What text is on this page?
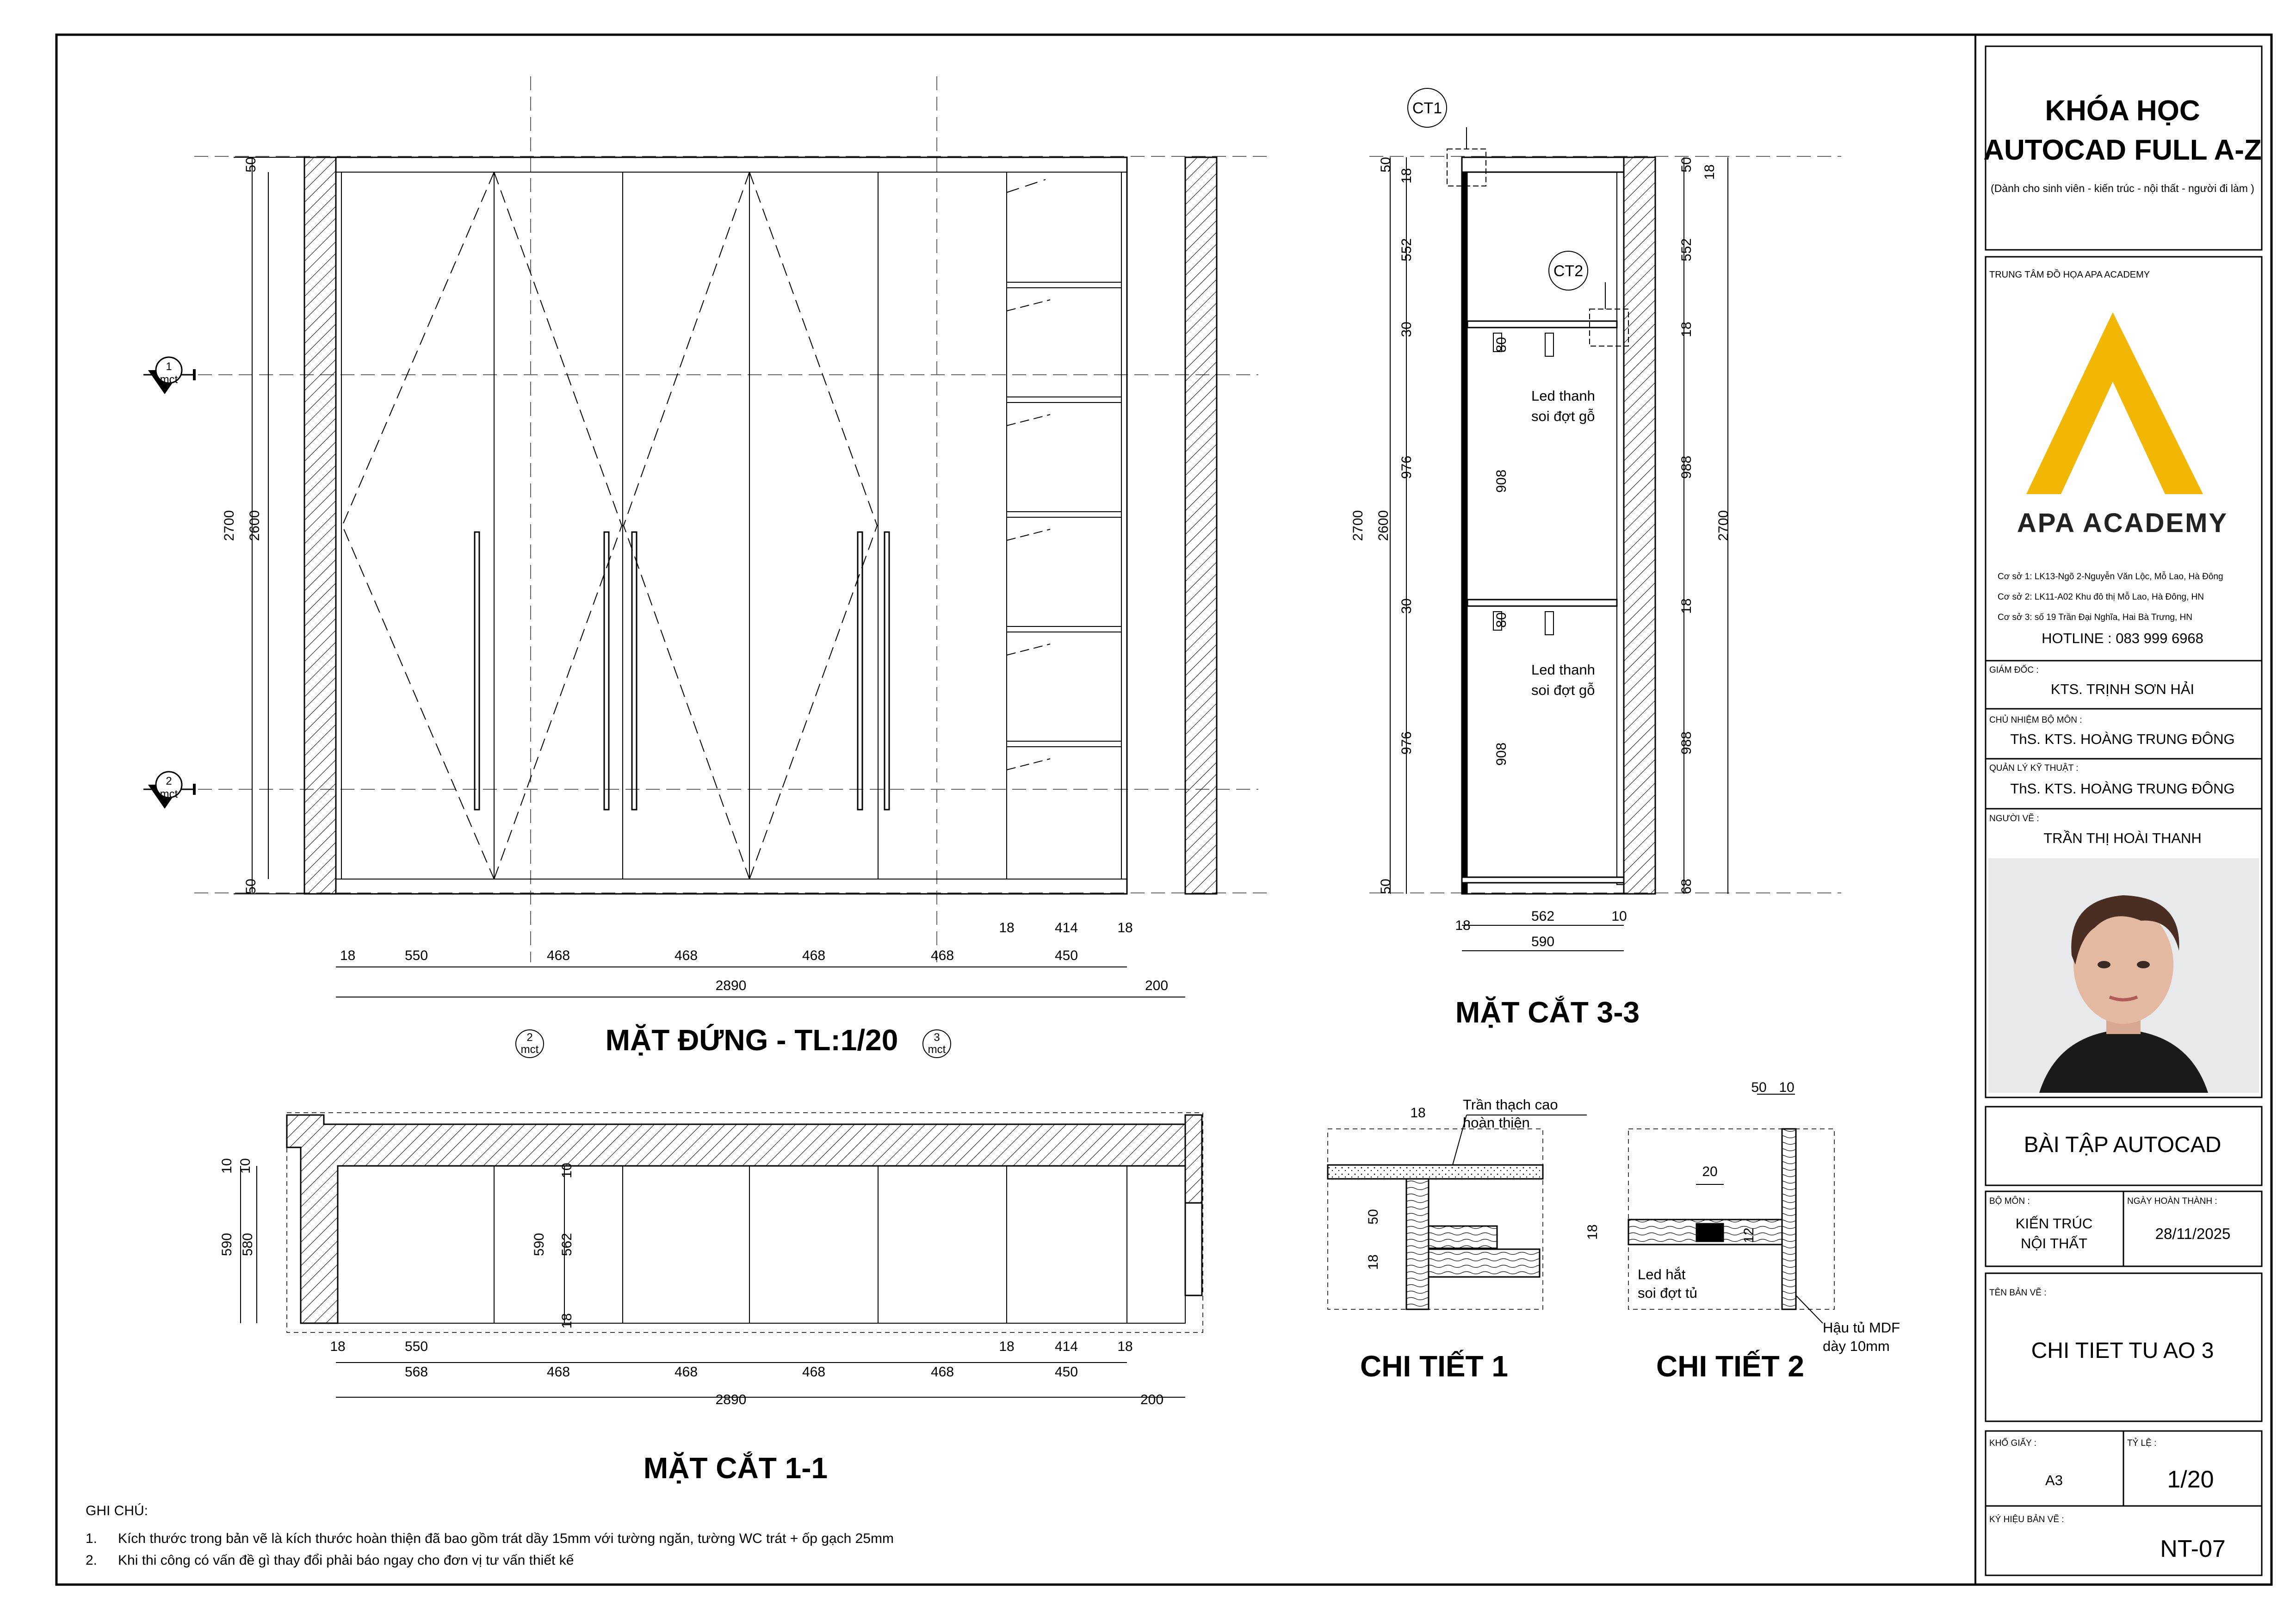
KHÓA HỌC
AUTOCAD FULL A-Z
(Dành cho sinh viên - kiến trúc - nội thất - người đi làm )
TRUNG TÂM ĐỒ HỌA APA ACADEMY
APA ACADEMY
Cơ sở 1: LK13-Ngõ 2-Nguyễn Văn Lộc, Mỗ Lao, Hà Đông
Cơ sở 2: LK11-A02 Khu đô thị Mỗ Lao, Hà Đông, HN
Cơ sở 3: số 19 Trần Đại Nghĩa, Hai Bà Trưng, HN
HOTLINE : 083 999 6968
GIÁM ĐỐC :
KTS. TRỊNH SƠN HẢI
CHỦ NHIỆM BỘ MÔN :
ThS. KTS. HOÀNG TRUNG ĐÔNG
QUẢN LÝ KỸ THUẬT :
ThS. KTS. HOÀNG TRUNG ĐÔNG
NGƯỜI VẼ :
TRẦN THỊ HOÀI THANH
BÀI TẬP AUTOCAD
BỘ MÔN :
KIẾN TRÚC
NỘI THẤT
NGÀY HOÀN THÀNH :
28/11/2025
TÊN BẢN VẼ :
CHI TIET TU AO 3
KHỔ GIẤY :
A3
TỶ LỆ :
1/20
KÝ HIỆU BẢN VẼ :
NT-07
MẶT ĐỨNG - TL:1/20
MẶT CẮT 3-3
MẶT CẮT 1-1
CHI TIẾT 1	CHI TIẾT 2
CT1
CT2
1
mct
2
mct
2
mct
3
mct
Led thanh
soi đợt gỗ
Led thanh
soi đợt gỗ
Trần thạch cao
hoàn thiện
Led hắt
soi đợt tủ
Hậu tủ MDF
dày 10mm
GHI CHÚ:
1. Kích thước trong bản vẽ là kích thước hoàn thiện đã bao gồm trát dầy 15mm với tường ngăn, tường WC trát + ốp gạch 25mm
2. Khi thi công có vấn đề gì thay đổi phải báo ngay cho đơn vị tư vấn thiết kế
18	550	468	468	468	468
18	414	18
450
2890	200
50
2700 2600
50
50
18
552
30
976
30
976
50
2700 2600
80
908
80
908
50 18
552
18
988
18
988
68
2700
18
562	10
590
18	550	18	414	18
568	468	468	468	468	450
2890	200
10 10
590 580	590 562
10
18
18
50
18
50 10
20
18	12
